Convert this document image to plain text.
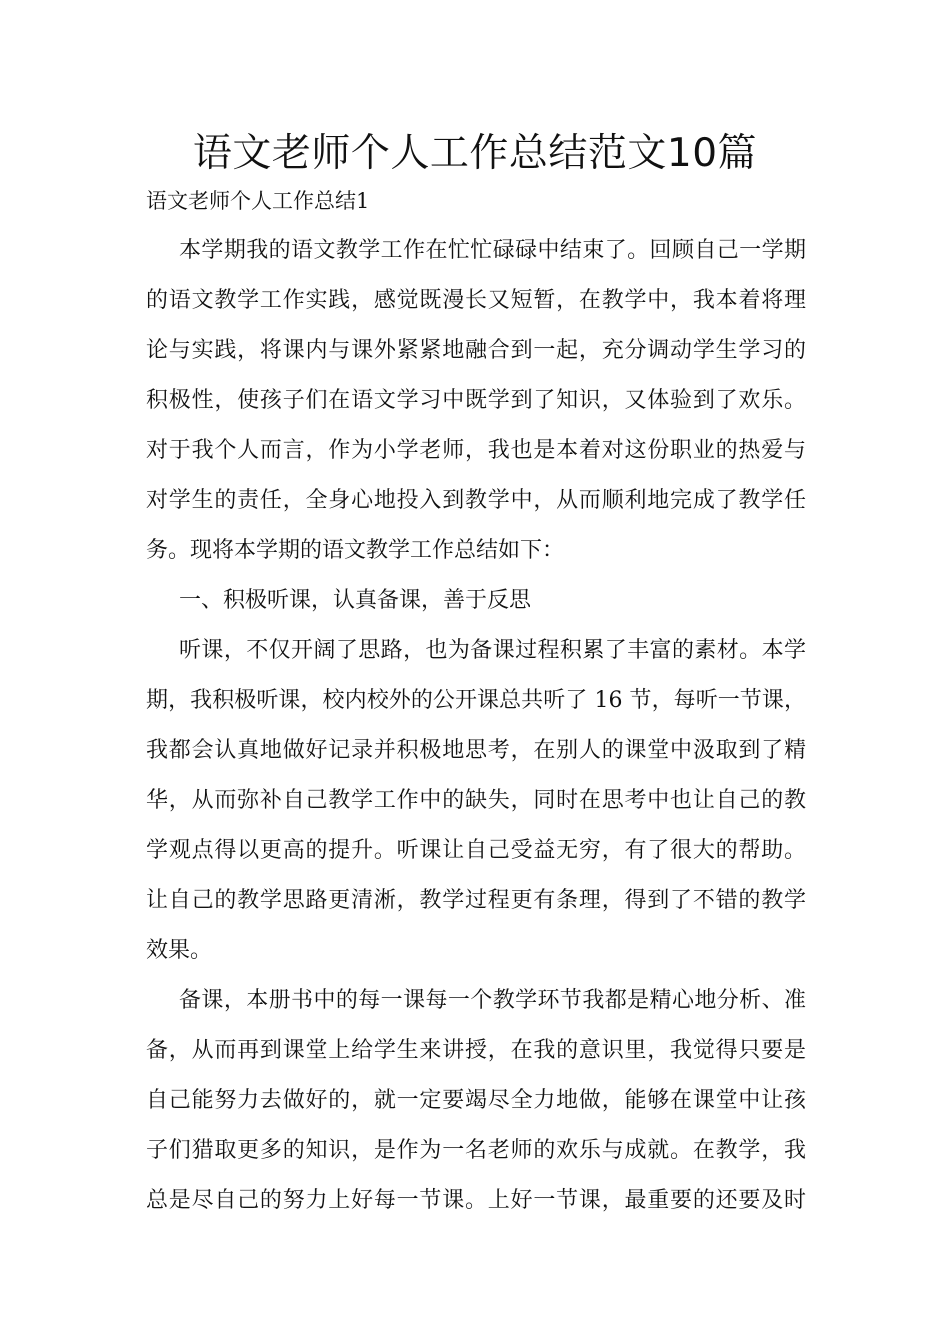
语文老师个人工作总结范文10篇

语文老师个人工作总结1

本学期我的语文教学工作在忙忙碌碌中结束了。回顾自己一学期

的语文教学工作实践，感觉既漫长又短暂，在教学中，我本着将理

论与实践，将课内与课外紧紧地融合到一起，充分调动学生学习的

积极性，使孩子们在语文学习中既学到了知识，又体验到了欢乐。

对于我个人而言，作为小学老师，我也是本着对这份职业的热爱与

对学生的责任，全身心地投入到教学中，从而顺利地完成了教学任

务。现将本学期的语文教学工作总结如下：

一、积极听课，认真备课，善于反思

听课，不仅开阔了思路，也为备课过程积累了丰富的素材。本学

期，我积极听课，校内校外的公开课总共听了 16 节，每听一节课，

我都会认真地做好记录并积极地思考，在别人的课堂中汲取到了精

华，从而弥补自己教学工作中的缺失，同时在思考中也让自己的教

学观点得以更高的提升。听课让自己受益无穷，有了很大的帮助。

让自己的教学思路更清淅，教学过程更有条理，得到了不错的教学

效果。

备课，本册书中的每一课每一个教学环节我都是精心地分析、准

备，从而再到课堂上给学生来讲授，在我的意识里，我觉得只要是

自己能努力去做好的，就一定要竭尽全力地做，能够在课堂中让孩

子们猎取更多的知识，是作为一名老师的欢乐与成就。在教学，我

总是尽自己的努力上好每一节课。上好一节课，最重要的还要及时
